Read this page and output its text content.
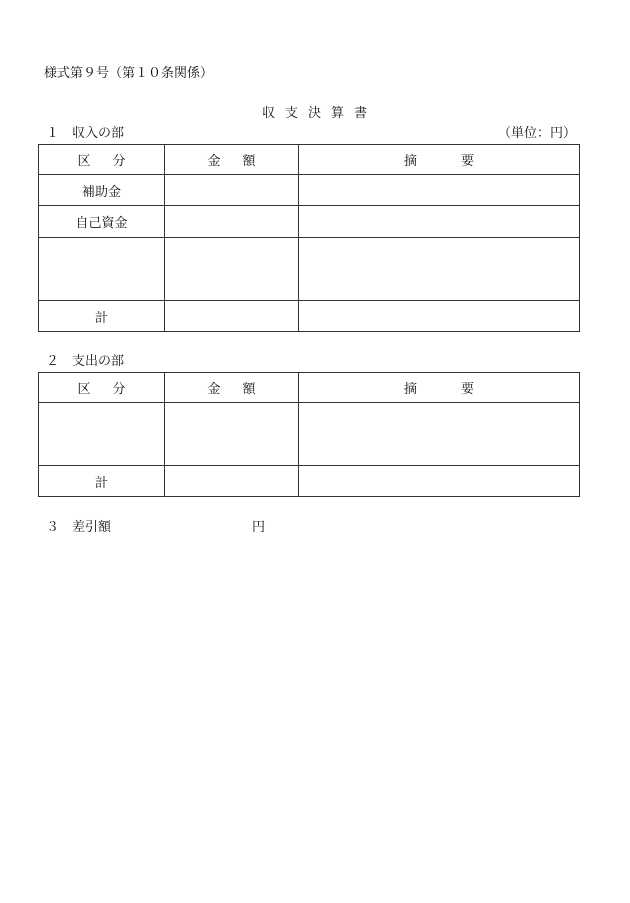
様式第９号（第１０条関係）
収支決算書
１　収入の部	（単位：円）
区分	金額	摘要
補助金		
自己資金		

計		
２　支出の部
区分	金額	摘要

計		
３　差引額	円
